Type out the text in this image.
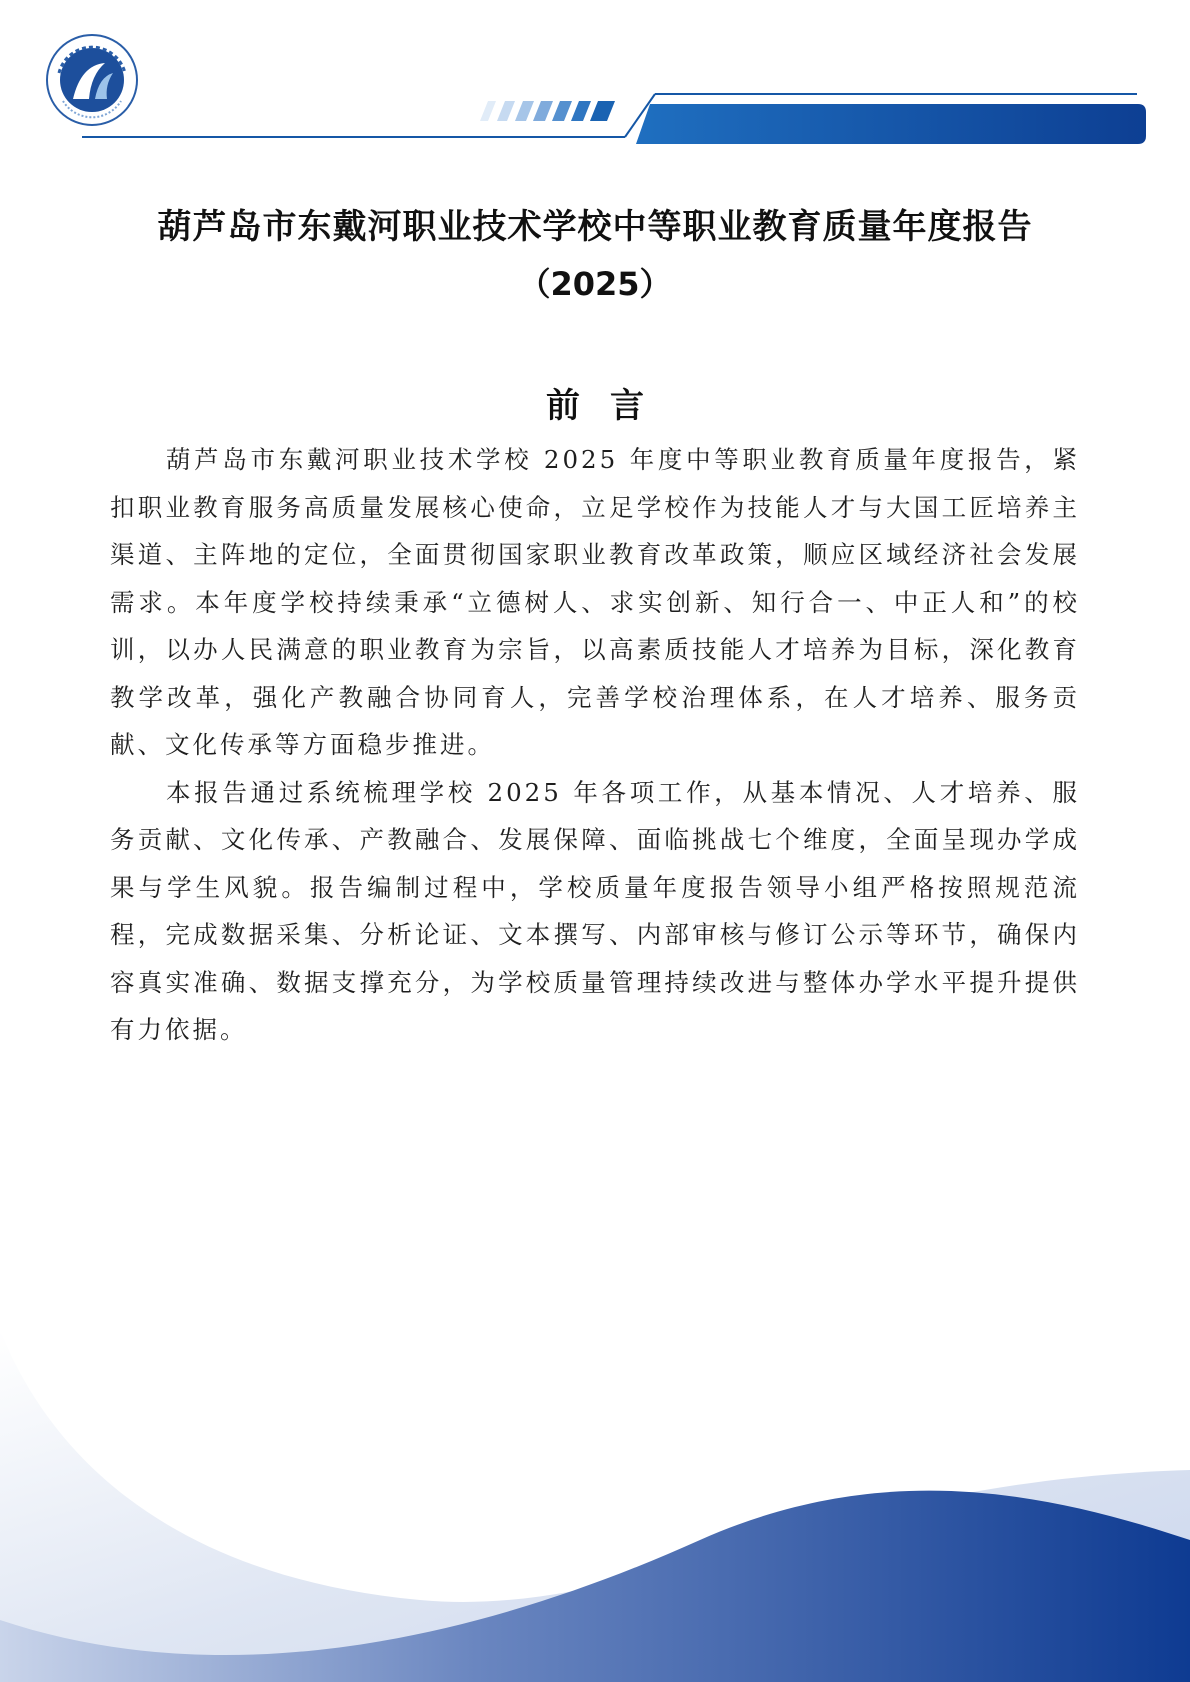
葫芦岛市东戴河职业技术学校中等职业教育质量年度报告
（2025）
前言

葫芦岛市东戴河职业技术学校 2025 年度中等职业教育质量年度报告，紧扣职业教育服务高质量发展核心使命，立足学校作为技能人才与大国工匠培养主渠道、主阵地的定位，全面贯彻国家职业教育改革政策，顺应区域经济社会发展需求。本年度学校持续秉承“立德树人、求实创新、知行合一、中正人和”的校训，以办人民满意的职业教育为宗旨，以高素质技能人才培养为目标，深化教育教学改革，强化产教融合协同育人，完善学校治理体系，在人才培养、服务贡献、文化传承等方面稳步推进。

本报告通过系统梳理学校 2025 年各项工作，从基本情况、人才培养、服务贡献、文化传承、产教融合、发展保障、面临挑战七个维度，全面呈现办学成果与学生风貌。报告编制过程中，学校质量年度报告领导小组严格按照规范流程，完成数据采集、分析论证、文本撰写、内部审核与修订公示等环节，确保内容真实准确、数据支撑充分，为学校质量管理持续改进与整体办学水平提升提供有力依据。
